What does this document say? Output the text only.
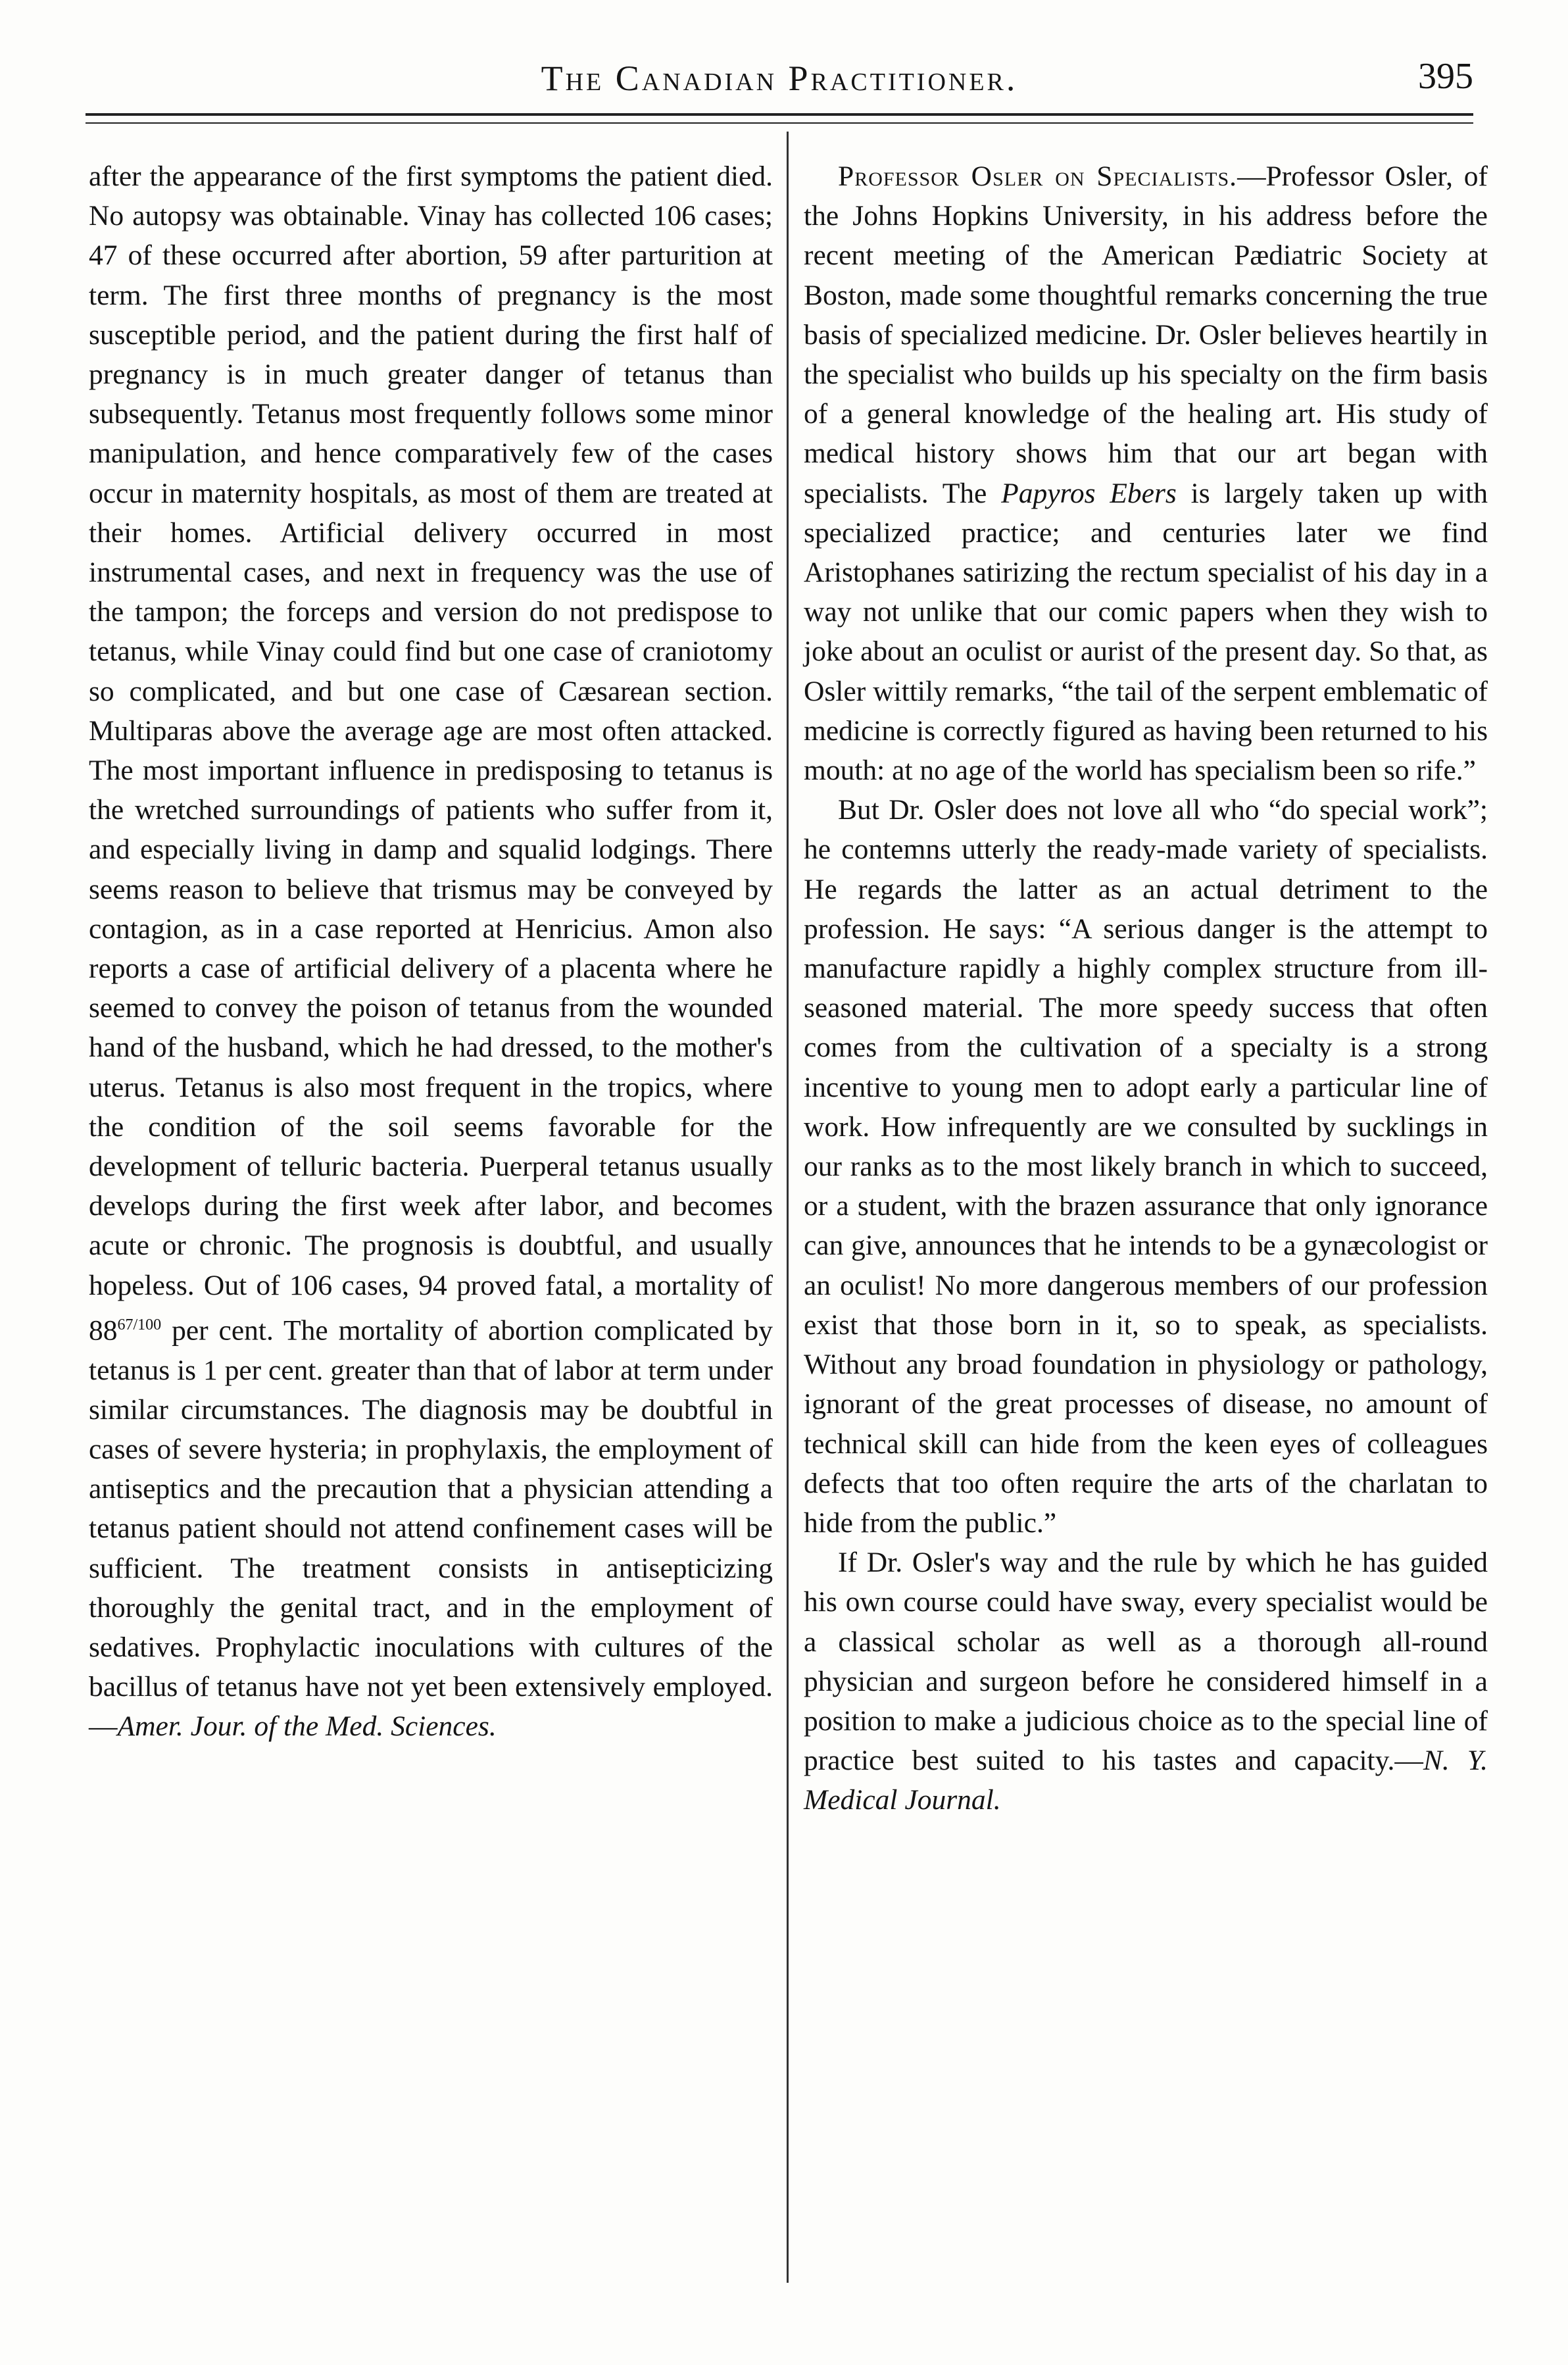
The Canadian Practitioner.	395

after the appearance of the first symptoms the patient died. No autopsy was obtainable. Vinay has collected 106 cases; 47 of these occurred after abortion, 59 after parturition at term. The first three months of pregnancy is the most susceptible period, and the patient during the first half of pregnancy is in much greater danger of tetanus than subsequently. Tetanus most frequently follows some minor manipulation, and hence comparatively few of the cases occur in maternity hospitals, as most of them are treated at their homes. Artificial delivery occurred in most instrumental cases, and next in frequency was the use of the tampon; the forceps and version do not predispose to tetanus, while Vinay could find but one case of craniotomy so complicated, and but one case of Cæsarean section. Multiparas above the average age are most often attacked. The most important influence in predisposing to tetanus is the wretched surroundings of patients who suffer from it, and especially living in damp and squalid lodgings. There seems reason to believe that trismus may be conveyed by contagion, as in a case reported at Henricius. Amon also reports a case of artificial delivery of a placenta where he seemed to convey the poison of tetanus from the wounded hand of the husband, which he had dressed, to the mother's uterus. Tetanus is also most frequent in the tropics, where the condition of the soil seems favorable for the development of telluric bacteria. Puerperal tetanus usually develops during the first week after labor, and becomes acute or chronic. The prognosis is doubtful, and usually hopeless. Out of 106 cases, 94 proved fatal, a mortality of $88^{67/100}$ per cent. The mortality of abortion complicated by tetanus is 1 per cent. greater than that of labor at term under similar circumstances. The diagnosis may be doubtful in cases of severe hysteria; in prophylaxis, the employment of antiseptics and the precaution that a physician attending a tetanus patient should not attend confinement cases will be sufficient. The treatment consists in antisepticizing thoroughly the genital tract, and in the employment of sedatives. Prophylactic inoculations with cultures of the bacillus of tetanus have not yet been extensively employed.—Amer. Jour. of the Med. Sciences.

Professor Osler on Specialists.—Professor Osler, of the Johns Hopkins University, in his address before the recent meeting of the American Pædiatric Society at Boston, made some thoughtful remarks concerning the true basis of specialized medicine. Dr. Osler believes heartily in the specialist who builds up his specialty on the firm basis of a general knowledge of the healing art. His study of medical history shows him that our art began with specialists. The Papyros Ebers is largely taken up with specialized practice; and centuries later we find Aristophanes satirizing the rectum specialist of his day in a way not unlike that our comic papers when they wish to joke about an oculist or aurist of the present day. So that, as Osler wittily remarks, “the tail of the serpent emblematic of medicine is correctly figured as having been returned to his mouth: at no age of the world has specialism been so rife.”

But Dr. Osler does not love all who “do special work”; he contemns utterly the ready-made variety of specialists. He regards the latter as an actual detriment to the profession. He says: “A serious danger is the attempt to manufacture rapidly a highly complex structure from ill-seasoned material. The more speedy success that often comes from the cultivation of a specialty is a strong incentive to young men to adopt early a particular line of work. How infrequently are we consulted by sucklings in our ranks as to the most likely branch in which to succeed, or a student, with the brazen assurance that only ignorance can give, announces that he intends to be a gynæcologist or an oculist! No more dangerous members of our profession exist that those born in it, so to speak, as specialists. Without any broad foundation in physiology or pathology, ignorant of the great processes of disease, no amount of technical skill can hide from the keen eyes of colleagues defects that too often require the arts of the charlatan to hide from the public.”

If Dr. Osler's way and the rule by which he has guided his own course could have sway, every specialist would be a classical scholar as well as a thorough all-round physician and surgeon before he considered himself in a position to make a judicious choice as to the special line of practice best suited to his tastes and capacity.—N. Y. Medical Journal.
